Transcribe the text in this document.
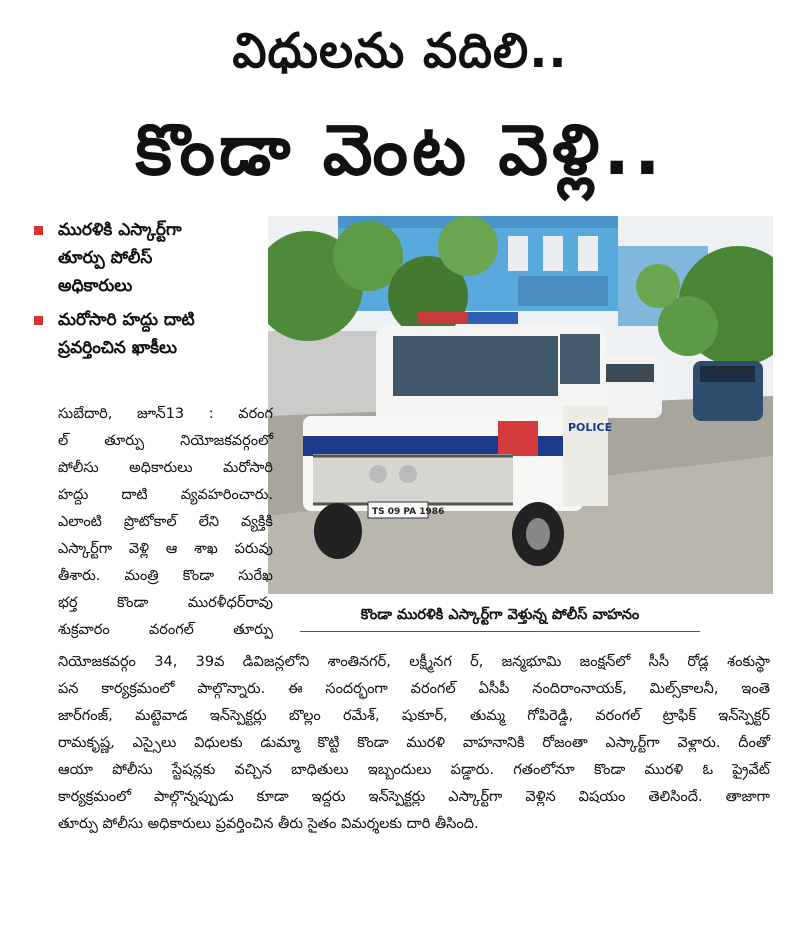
విధులను వదిలి..
కొండా వెంట వెళ్లి..
మురళికి ఎస్కార్ట్‌గా
తూర్పు పోలీస్
అధికారులు
మరోసారి హద్దు దాటి
ప్రవర్తించిన ఖాకీలు
POLICE
TS 09 PA 1986
కొండా మురళికి ఎస్కార్ట్‌గా వెళ్తున్న పోలీస్ వాహనం
సుబేదారి, జూన్13 : వరంగ
ల్ తూర్పు నియోజకవర్గంలో
పోలీసు అధికారులు మరోసారి
హద్దు దాటి వ్యవహరించారు.
ఎలాంటి ప్రొటోకాల్ లేని వ్యక్తికి
ఎస్కార్ట్‌గా వెళ్లి ఆ శాఖ పరువు
తీశారు. మంత్రి కొండా సురేఖ
భర్త కొండా మురళీధర్‌రావు
శుక్రవారం వరంగల్ తూర్పు
నియోజకవర్గం 34, 39వ డివిజన్లలోని శాంతినగర్, లక్ష్మీనగ ర్, జన్మభూమి జంక్షన్‌లో సీసీ రోడ్ల శంకుస్థా
పన కార్యక్రమంలో పాల్గొన్నారు. ఈ సందర్భంగా వరంగల్ ఏసీపీ నందిరాంనాయక్, మిల్స్‌కాలనీ, ఇంతె
జార్‌గంజ్, మట్టెవాడ ఇన్‌స్పెక్టర్లు బొల్లం రమేశ్, షుకూర్, తుమ్మ గోపిరెడ్డి, వరంగల్ ట్రాఫిక్ ఇన్‌స్పెక్టర్
రామకృష్ణ, ఎస్సైలు విధులకు డుమ్మా కొట్టి కొండా మురళి వాహనానికి రోజంతా ఎస్కార్ట్‌గా వెళ్లారు. దీంతో
ఆయా పోలీసు స్టేషన్లకు వచ్చిన బాధితులు ఇబ్బందులు పడ్డారు. గతంలోనూ కొండా మురళి ఓ ప్రైవేట్
కార్యక్రమంలో పాల్గొన్నప్పుడు కూడా ఇద్దరు ఇన్‌స్పెక్టర్లు ఎస్కార్ట్‌గా వెళ్లిన విషయం తెలిసిందే. తాజాగా
తూర్పు పోలీసు అధికారులు ప్రవర్తించిన తీరు సైతం విమర్శలకు దారి తీసింది.
